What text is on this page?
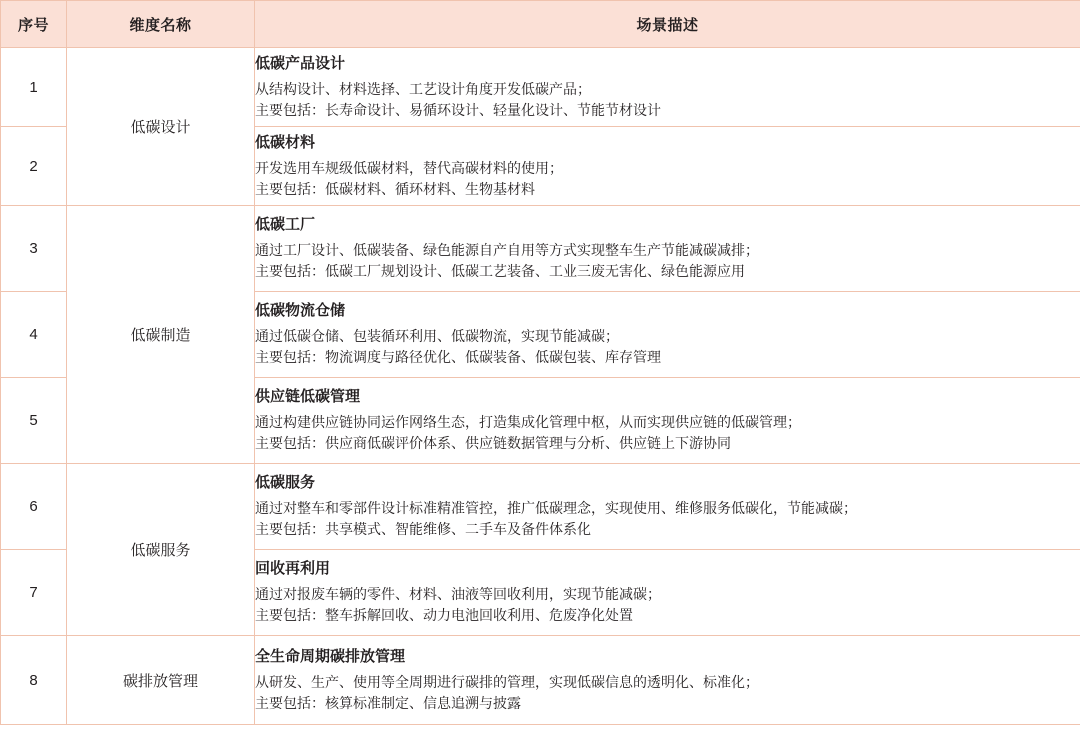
序号	维度名称	场景描述
1	低碳设计	低碳产品设计
从结构设计、材料选择、工艺设计角度开发低碳产品；
主要包括：长寿命设计、易循环设计、轻量化设计、节能节材设计

2		低碳材料
开发选用车规级低碳材料，替代高碳材料的使用；
主要包括：低碳材料、循环材料、生物基材料

3	低碳制造	低碳工厂
通过工厂设计、低碳装备、绿色能源自产自用等方式实现整车生产节能减碳减排；
主要包括：低碳工厂规划设计、低碳工艺装备、工业三废无害化、绿色能源应用

4		低碳物流仓储
通过低碳仓储、包装循环利用、低碳物流，实现节能减碳；
主要包括：物流调度与路径优化、低碳装备、低碳包装、库存管理

5		供应链低碳管理
通过构建供应链协同运作网络生态，打造集成化管理中枢，从而实现供应链的低碳管理；
主要包括：供应商低碳评价体系、供应链数据管理与分析、供应链上下游协同

6	低碳服务	低碳服务
通过对整车和零部件设计标准精准管控，推广低碳理念，实现使用、维修服务低碳化，节能减碳；
主要包括：共享模式、智能维修、二手车及备件体系化

7		回收再利用
通过对报废车辆的零件、材料、油液等回收利用，实现节能减碳；
主要包括：整车拆解回收、动力电池回收利用、危废净化处置

8	碳排放管理	全生命周期碳排放管理
从研发、生产、使用等全周期进行碳排的管理，实现低碳信息的透明化、标准化；
主要包括：核算标准制定、信息追溯与披露
